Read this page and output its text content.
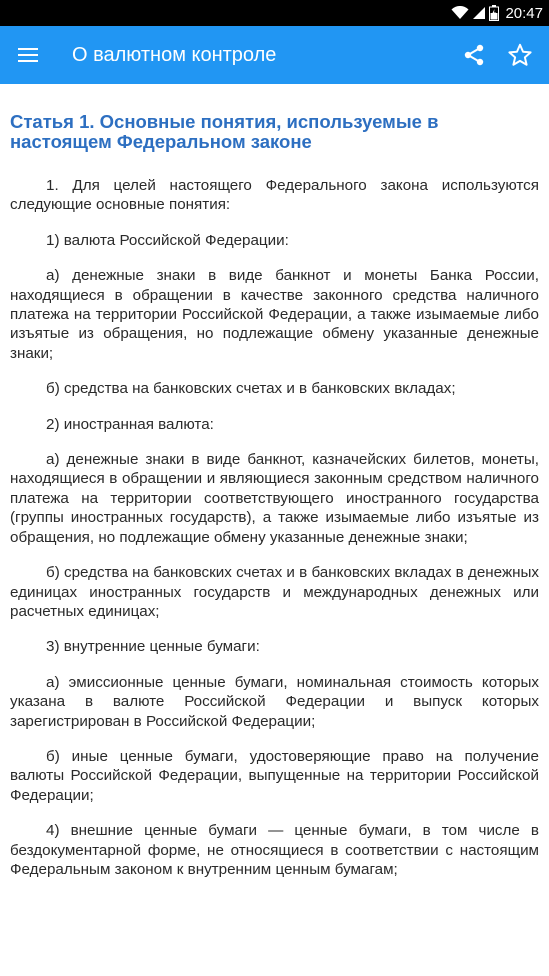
20:47
О валютном контроле
Статья 1. Основные понятия, используемые в настоящем Федеральном законе

1. Для целей настоящего Федерального закона используются следующие основные понятия:

1) валюта Российской Федерации:

а) денежные знаки в виде банкнот и монеты Банка России, находящиеся в обращении в качестве законного средства наличного платежа на территории Российской Федерации, а также изымаемые либо изъятые из обращения, но подлежащие обмену указанные денежные знаки;

б) средства на банковских счетах и в банковских вкладах;

2) иностранная валюта:

а) денежные знаки в виде банкнот, казначейских билетов, монеты, находящиеся в обращении и являющиеся законным средством наличного платежа на территории соответствующего иностранного государства (группы иностранных государств), а также изымаемые либо изъятые из обращения, но подлежащие обмену указанные денежные знаки;

б) средства на банковских счетах и в банковских вкладах в денежных единицах иностранных государств и международных денежных или расчетных единицах;

3) внутренние ценные бумаги:

а) эмиссионные ценные бумаги, номинальная стоимость которых указана в валюте Российской Федерации и выпуск которых зарегистрирован в Российской Федерации;

б) иные ценные бумаги, удостоверяющие право на получение валюты Российской Федерации, выпущенные на территории Российской Федерации;

4) внешние ценные бумаги — ценные бумаги, в том числе в бездокументарной форме, не относящиеся в соответствии с настоящим Федеральным законом к внутренним ценным бумагам;
